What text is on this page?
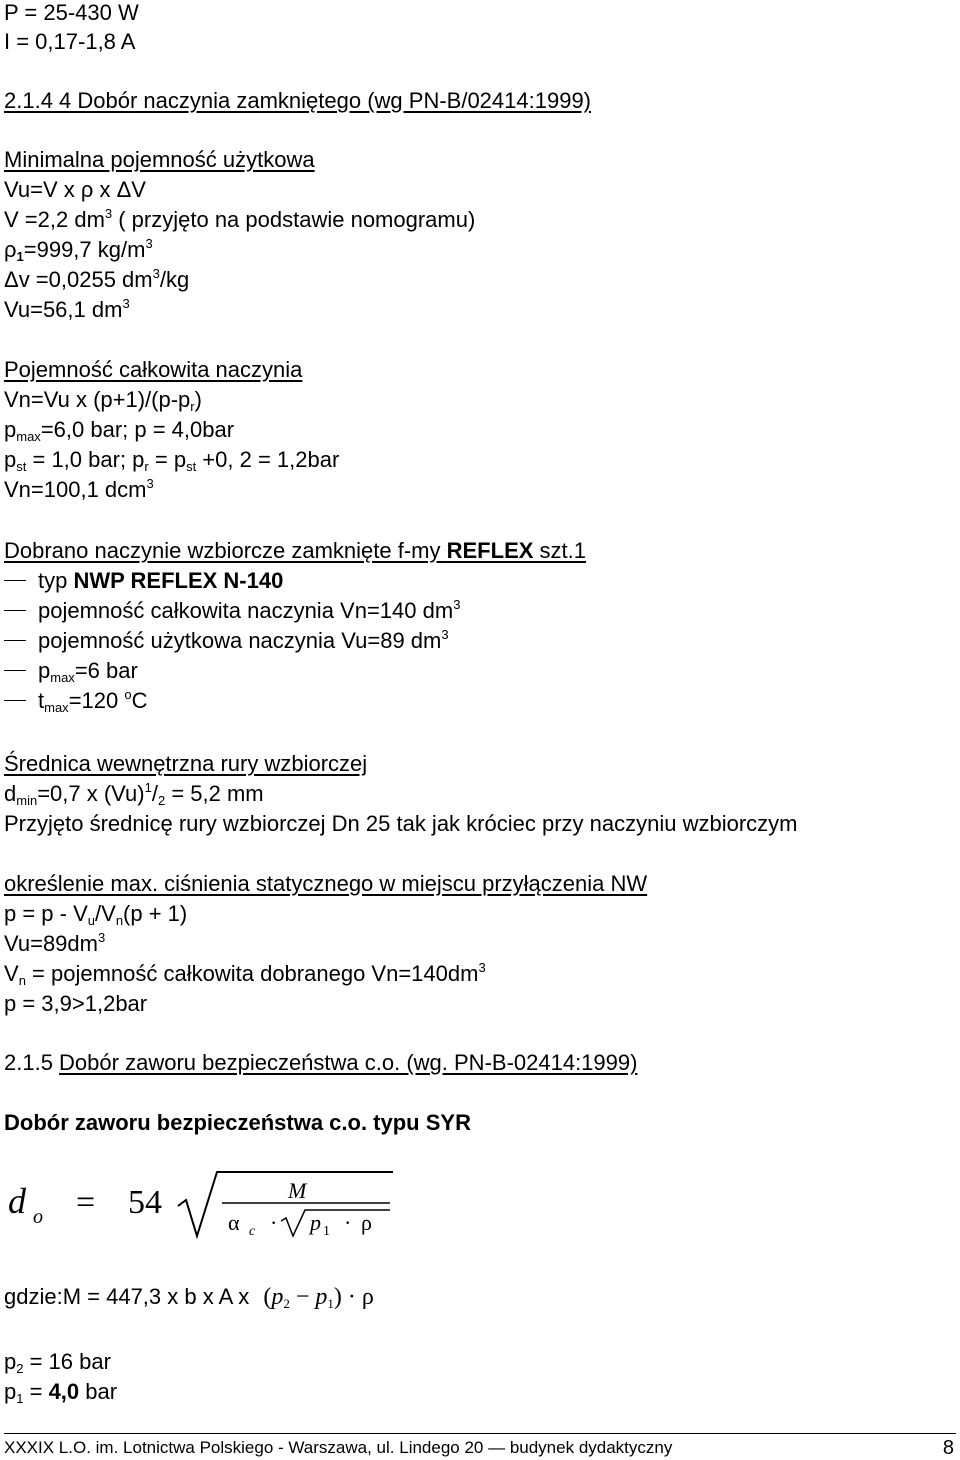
P = 25-430 W
I = 0,17-1,8 A
2.1.4 4 Dobór naczynia zamkniętego (wg PN-B/02414:1999)
Minimalna pojemność użytkowa
Vu=V x ρ x ΔV
V =2,2 $dm^3$ ( przyjęto na podstawie nomogramu)
$\rho_1=999,7$ $kg/m^3$
Δv =0,0255 $dm^3/kg$
Vu=56,1 $dm^3$
Pojemność całkowita naczynia
Vn=Vu x $(p+1)/(p-p_r)$
$p_{max}=6,0$ bar; p = 4,0bar
$p_{st} = 1,0$ bar; $p_r = p_{st} +0$, 2 = 1,2bar
Vn=100,1 dcm$^3$
Dobrano naczynie wzbiorcze zamknięte f-my REFLEX szt.1
typ NWP REFLEX N-140
pojemność całkowita naczynia Vn=140 $dm^3$
pojemność użytkowa naczynia Vu=89 $dm^3$
$p_{max}=6$ bar
$t_{max}=120$ $^o$C
Średnica wewnętrzna rury wzbiorczej
$d_{min}=0,7$ x $(Vu)^1/_2 = 5,2$ mm
Przyjęto średnicę rury wzbiorczej Dn 25 tak jak króciec przy naczyniu wzbiorczym
określenie max. ciśnienia statycznego w miejscu przyłączenia NW
$p = p - V_u/V_n(p + 1)$
$Vu=89dm^3$
$V_n$ = pojemność całkowita dobranego $Vn=140dm^3$
p = 3,9>1,2bar
2.1.5 Dobór zaworu bezpieczeństwa c.o. (wg. PN-B-02414:1999)
Dobór zaworu bezpieczeństwa c.o. typu SYR
d o = 54	M
α c · p 1 · ρ
gdzie:M = 447,3 x b x A x $(p_2 - p_1) \cdot \rho$
$p_2 = 16$ bar
$p_1 = 4,0$ bar
XXXIX L.O. im. Lotnictwa Polskiego - Warszawa, ul. Lindego 20 — budynek dydaktyczny	8
